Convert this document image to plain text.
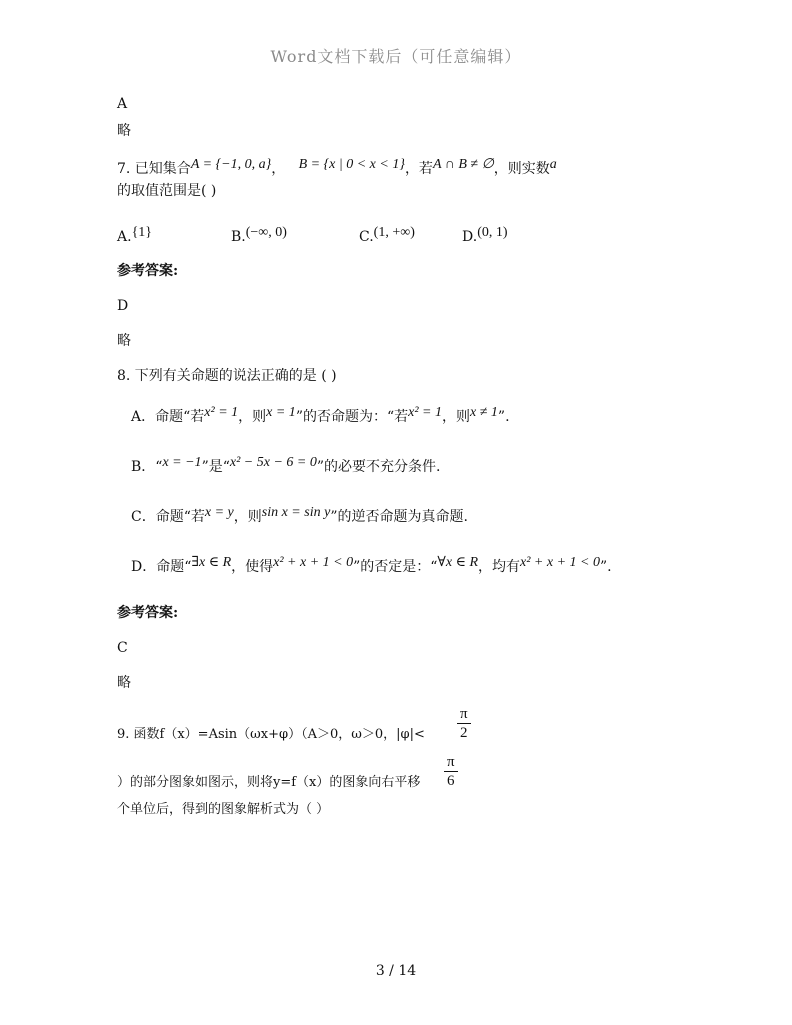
Word文档下载后（可任意编辑）
A
略
7. 已知集合A = {−1, 0, a}， B = {x | 0 < x < 1}，若A ∩ B ≠ ∅，则实数a
的取值范围是( )
A.{1}	B.(−∞, 0)	C.(1, +∞)	D.(0, 1)
参考答案:
D
略
8. 下列有关命题的说法正确的是 ( )
A．命题“若x² = 1，则x = 1”的否命题为：“若x² = 1，则x ≠ 1”.
B．“x = −1”是“x² − 5x − 6 = 0”的必要不充分条件.
C．命题“若x = y，则sin x = sin y”的逆否命题为真命题.
D．命题“∃x ∈ R，使得x² + x + 1 < 0”的否定是：“∀x ∈ R，均有x² + x + 1 < 0”.
参考答案:
C
略
9. 函数f（x）=Asin（ωx+φ）（A＞0，ω＞0，$|\varphi|< \frac{\pi}{2}$
）的部分图象如图示，则将y=f（x）的图象向右平移 $\frac{\pi}{6}$
个单位后，得到的图象解析式为（ ）
3 / 14
